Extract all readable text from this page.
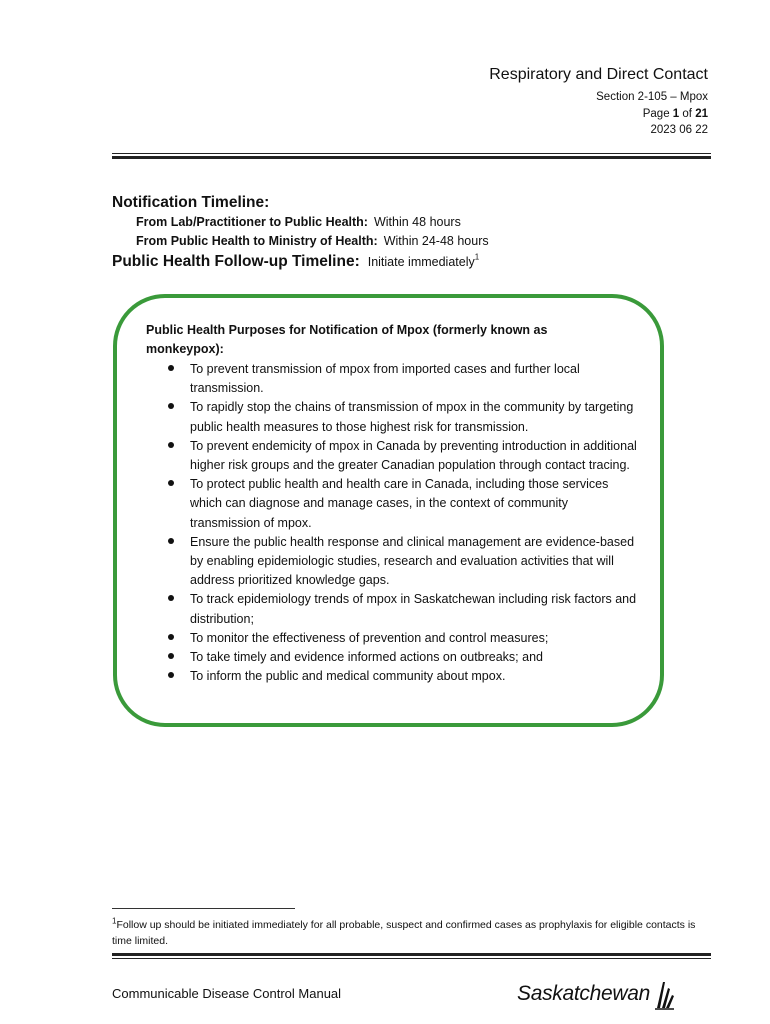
Respiratory and Direct Contact
Section 2-105 – Mpox
Page 1 of 21
2023 06 22
Notification Timeline:
From Lab/Practitioner to Public Health: Within 48 hours
From Public Health to Ministry of Health: Within 24-48 hours
Public Health Follow-up Timeline: Initiate immediately$^1$
Public Health Purposes for Notification of Mpox (formerly known as monkeypox):
To prevent transmission of mpox from imported cases and further local transmission.
To rapidly stop the chains of transmission of mpox in the community by targeting public health measures to those highest risk for transmission.
To prevent endemicity of mpox in Canada by preventing introduction in additional higher risk groups and the greater Canadian population through contact tracing.
To protect public health and health care in Canada, including those services which can diagnose and manage cases, in the context of community transmission of mpox.
Ensure the public health response and clinical management are evidence-based by enabling epidemiologic studies, research and evaluation activities that will address prioritized knowledge gaps.
To track epidemiology trends of mpox in Saskatchewan including risk factors and distribution;
To monitor the effectiveness of prevention and control measures;
To take timely and evidence informed actions on outbreaks; and
To inform the public and medical community about mpox.
$^1$Follow up should be initiated immediately for all probable, suspect and confirmed cases as prophylaxis for eligible contacts is time limited.
Communicable Disease Control Manual	Saskatchewan
